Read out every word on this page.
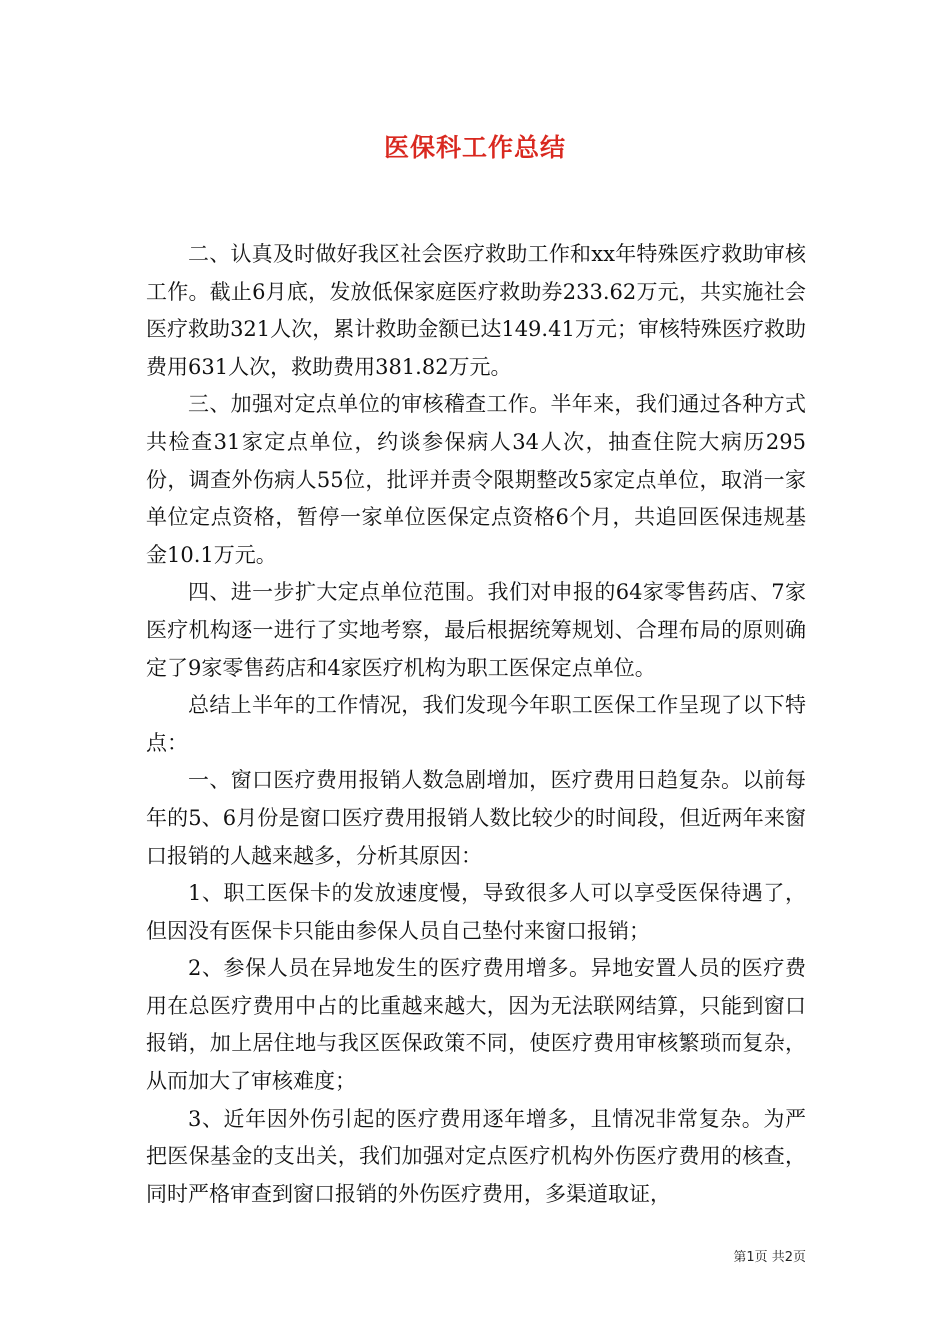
医保科工作总结

二、认真及时做好我区社会医疗救助工作和xx年特殊医疗救助审核工作。截止6月底，发放低保家庭医疗救助券233.62万元，共实施社会医疗救助321人次，累计救助金额已达149.41万元；审核特殊医疗救助费用631人次，救助费用381.82万元。

三、加强对定点单位的审核稽查工作。半年来，我们通过各种方式共检查31家定点单位，约谈参保病人34人次，抽查住院大病历295份，调查外伤病人55位，批评并责令限期整改5家定点单位，取消一家单位定点资格，暂停一家单位医保定点资格6个月，共追回医保违规基金10.1万元。

四、进一步扩大定点单位范围。我们对申报的64家零售药店、7家医疗机构逐一进行了实地考察，最后根据统筹规划、合理布局的原则确定了9家零售药店和4家医疗机构为职工医保定点单位。

总结上半年的工作情况，我们发现今年职工医保工作呈现了以下特点：

一、窗口医疗费用报销人数急剧增加，医疗费用日趋复杂。以前每年的5、6月份是窗口医疗费用报销人数比较少的时间段，但近两年来窗口报销的人越来越多，分析其原因：

1、职工医保卡的发放速度慢，导致很多人可以享受医保待遇了，但因没有医保卡只能由参保人员自己垫付来窗口报销；

2、参保人员在异地发生的医疗费用增多。异地安置人员的医疗费用在总医疗费用中占的比重越来越大，因为无法联网结算，只能到窗口报销，加上居住地与我区医保政策不同，使医疗费用审核繁琐而复杂，从而加大了审核难度；

3、近年因外伤引起的医疗费用逐年增多，且情况非常复杂。为严把医保基金的支出关，我们加强对定点医疗机构外伤医疗费用的核查，同时严格审查到窗口报销的外伤医疗费用，多渠道取证，

第1页 共2页
